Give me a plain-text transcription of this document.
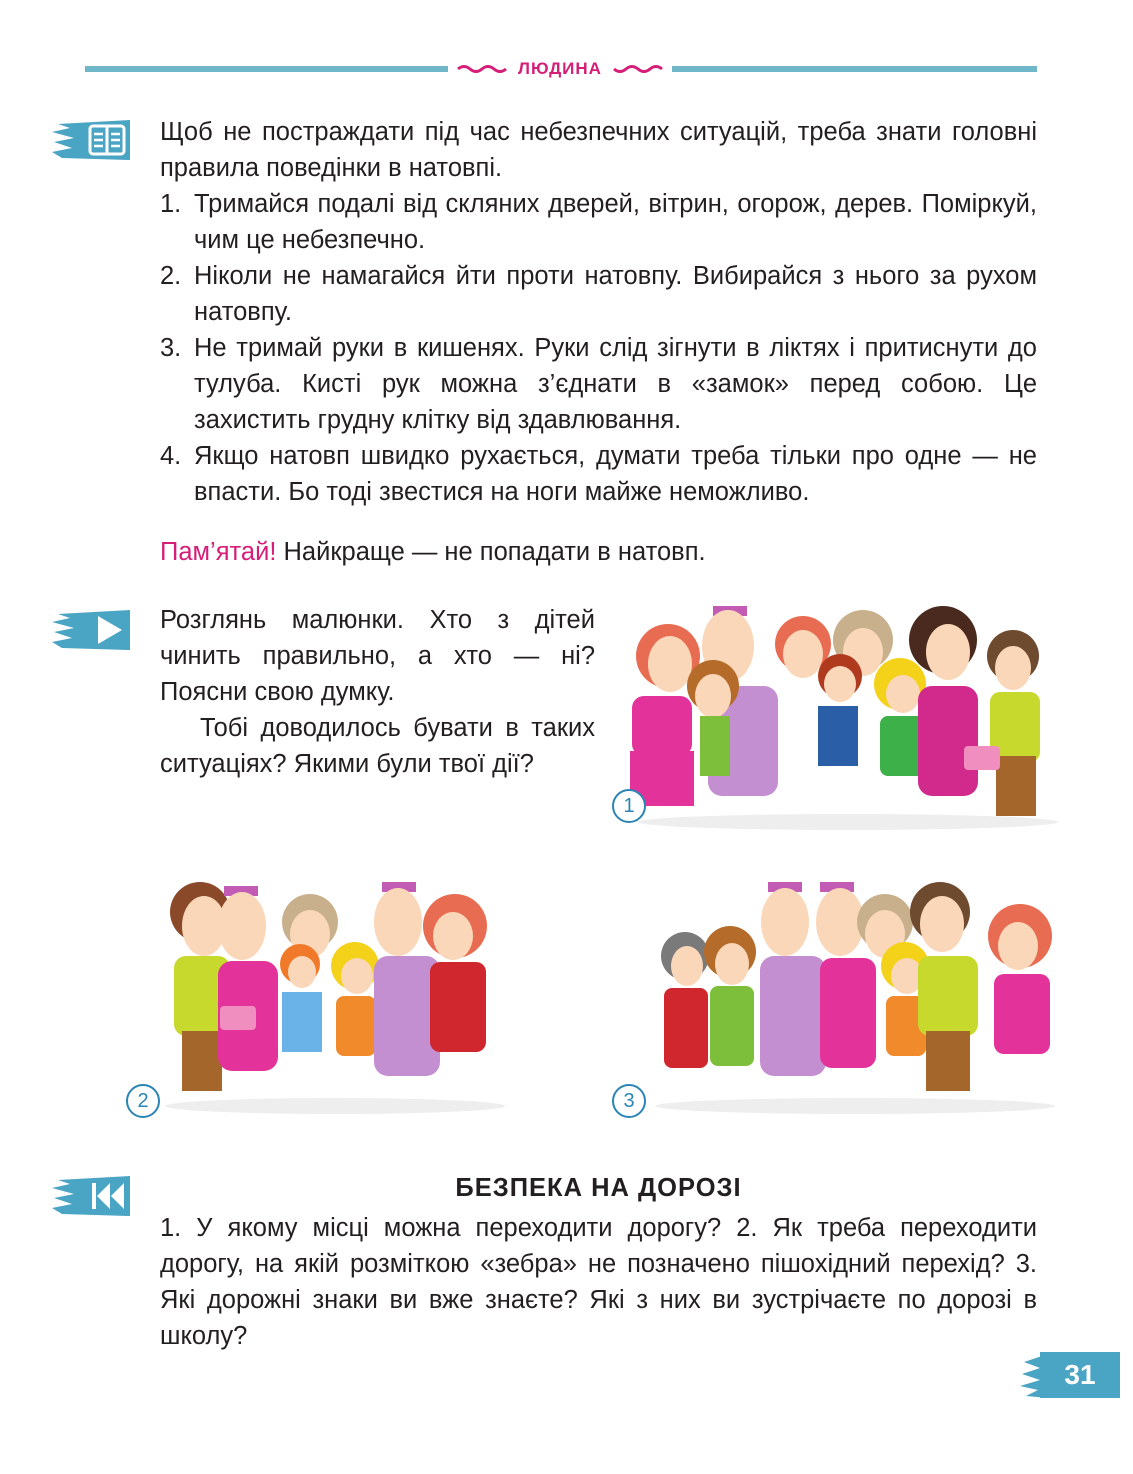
ЛЮДИНА

Щоб не постраждати під час небезпечних ситуацій, треба знати головні правила поведінки в натовпі.

1. Тримайся подалі від скляних дверей, вітрин, огорож, дерев. Поміркуй, чим це небезпечно.
2. Ніколи не намагайся йти проти натовпу. Вибирайся з нього за рухом натовпу.
3. Не тримай руки в кишенях. Руки слід зігнути в ліктях і притиснути до тулуба. Кисті рук можна з’єднати в «замок» перед собою. Це захистить грудну клітку від здавлювання.
4. Якщо натовп швидко рухається, думати треба тільки про одне — не впасти. Бо тоді звестися на ноги майже неможливо.

Пам’ятай! Найкраще — не попадати в натовп.

Розглянь малюнки. Хто з дітей чинить правильно, а хто — ні? Поясни свою думку.

Тобі доводилось бувати в таких ситуаціях? Якими були твої дії?

1
2	3

БЕЗПЕКА НА ДОРОЗІ

1. У якому місці можна переходити дорогу? 2. Як треба переходити дорогу, на якій розміткою «зебра» не позначено пішохідний перехід? 3. Які дорожні знаки ви вже знаєте? Які з них ви зустрічаєте по дорозі в школу?

31
